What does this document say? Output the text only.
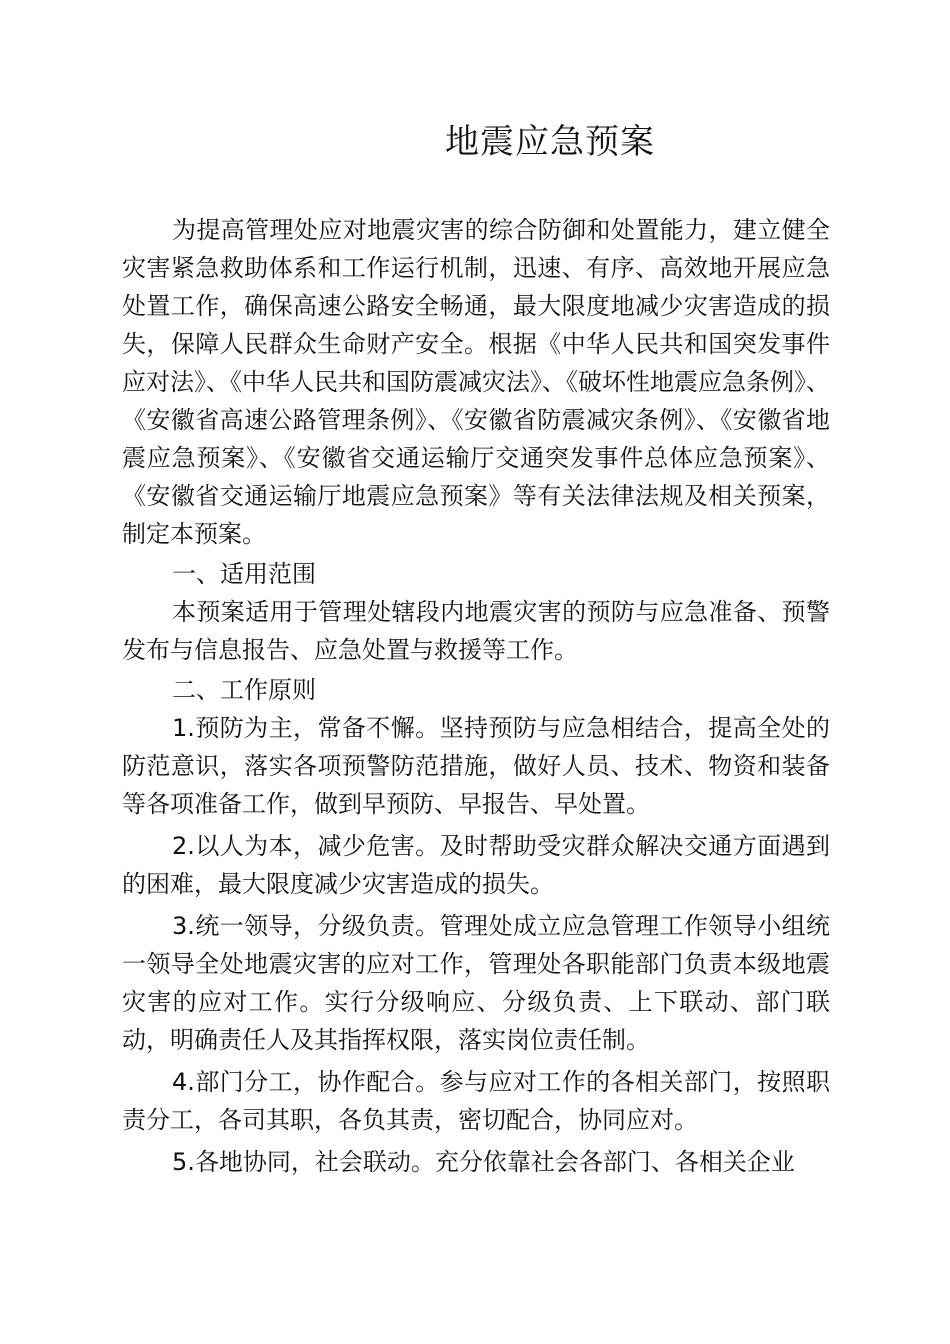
地震应急预案

为提高管理处应对地震灾害的综合防御和处置能力，建立健全灾害紧急救助体系和工作运行机制，迅速、有序、高效地开展应急处置工作，确保高速公路安全畅通，最大限度地减少灾害造成的损失，保障人民群众生命财产安全。根据《中华人民共和国突发事件应对法》、《中华人民共和国防震减灾法》、《破坏性地震应急条例》、《安徽省高速公路管理条例》、《安徽省防震减灾条例》、《安徽省地震应急预案》、《安徽省交通运输厅交通突发事件总体应急预案》、《安徽省交通运输厅地震应急预案》等有关法律法规及相关预案，制定本预案。

一、适用范围

本预案适用于管理处辖段内地震灾害的预防与应急准备、预警发布与信息报告、应急处置与救援等工作。

二、工作原则

1.预防为主，常备不懈。坚持预防与应急相结合，提高全处的防范意识，落实各项预警防范措施，做好人员、技术、物资和装备等各项准备工作，做到早预防、早报告、早处置。

2.以人为本，减少危害。及时帮助受灾群众解决交通方面遇到的困难，最大限度减少灾害造成的损失。

3.统一领导，分级负责。管理处成立应急管理工作领导小组统一领导全处地震灾害的应对工作，管理处各职能部门负责本级地震灾害的应对工作。实行分级响应、分级负责、上下联动、部门联动，明确责任人及其指挥权限，落实岗位责任制。

4.部门分工，协作配合。参与应对工作的各相关部门，按照职责分工，各司其职，各负其责，密切配合，协同应对。

5.各地协同，社会联动。充分依靠社会各部门、各相关企业
